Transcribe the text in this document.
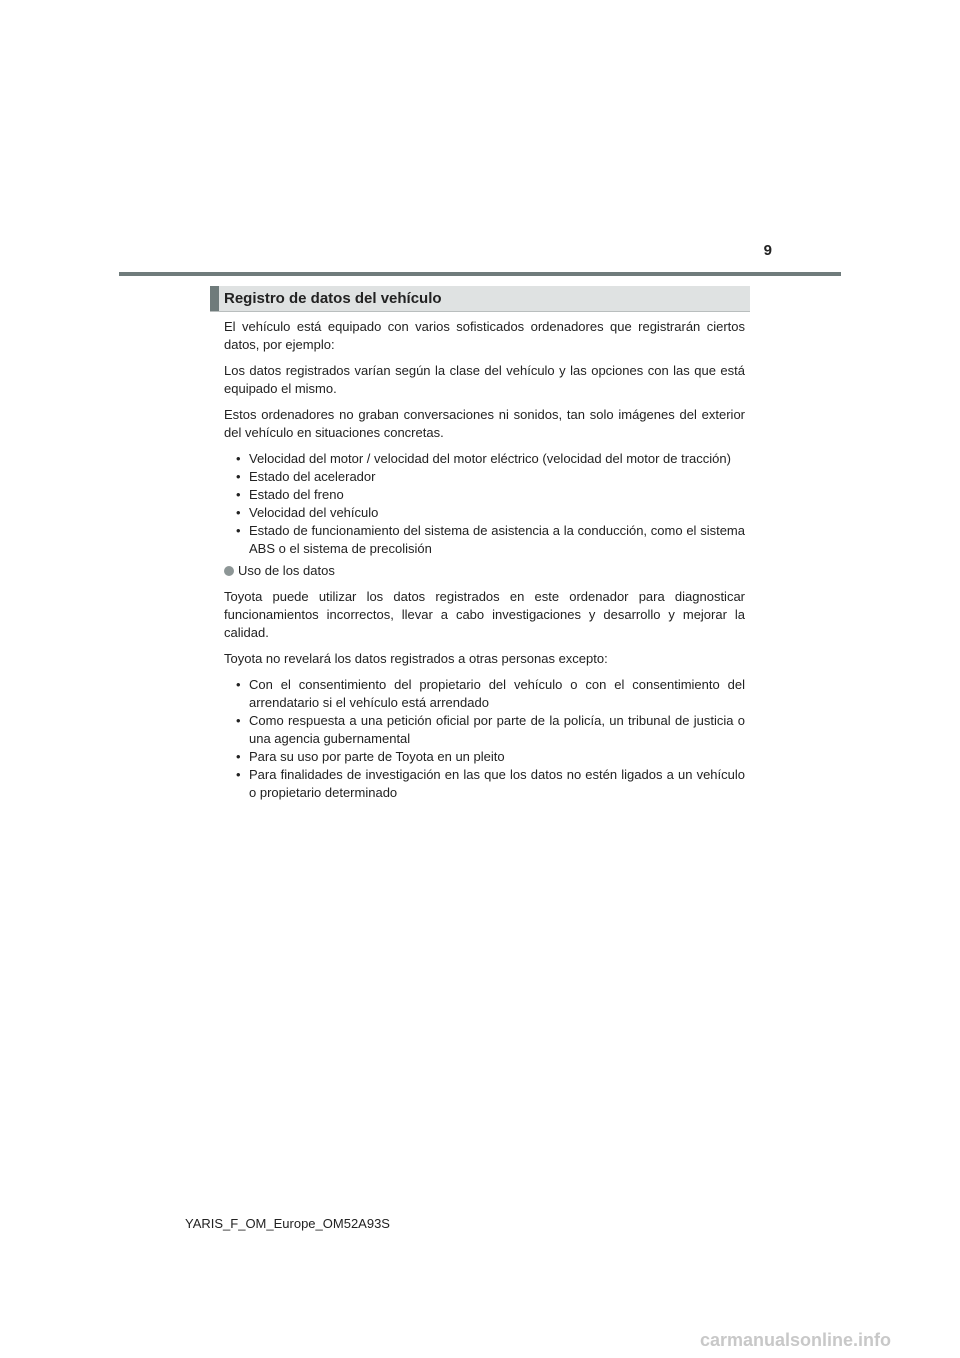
9
Registro de datos del vehículo

El vehículo está equipado con varios sofisticados ordenadores que registrarán ciertos datos, por ejemplo:

Los datos registrados varían según la clase del vehículo y las opciones con las que está equipado el mismo.

Estos ordenadores no graban conversaciones ni sonidos, tan solo imágenes del exterior del vehículo en situaciones concretas.

• Velocidad del motor / velocidad del motor eléctrico (velocidad del motor de tracción)
• Estado del acelerador
• Estado del freno
• Velocidad del vehículo
• Estado de funcionamiento del sistema de asistencia a la conducción, como el sistema ABS o el sistema de precolisión
Uso de los datos

Toyota puede utilizar los datos registrados en este ordenador para diagnosticar funcionamientos incorrectos, llevar a cabo investigaciones y desarrollo y mejorar la calidad.

Toyota no revelará los datos registrados a otras personas excepto:

• Con el consentimiento del propietario del vehículo o con el consentimiento del arrendatario si el vehículo está arrendado
• Como respuesta a una petición oficial por parte de la policía, un tribunal de justicia o una agencia gubernamental
• Para su uso por parte de Toyota en un pleito
• Para finalidades de investigación en las que los datos no estén ligados a un vehículo o propietario determinado
YARIS_F_OM_Europe_OM52A93S
carmanualsonline.info
